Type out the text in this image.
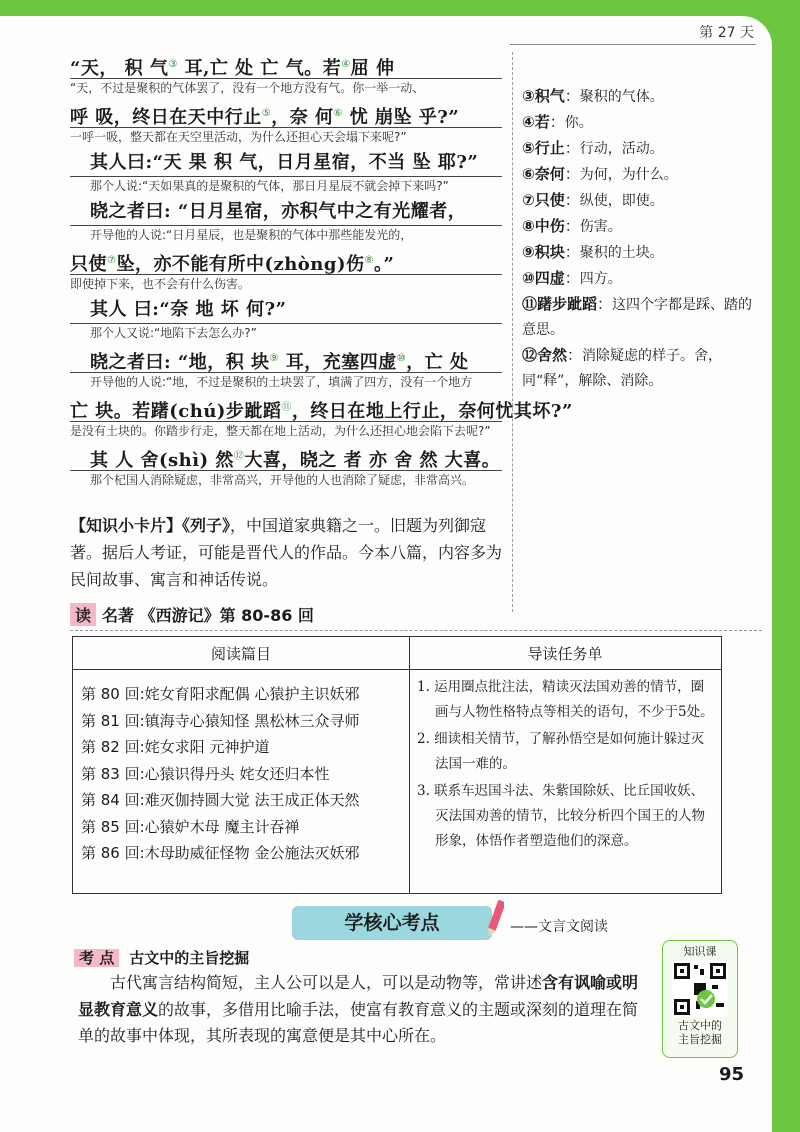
第 27 天
“天， 积 气③ 耳,亡 处 亡 气。若④屈 伸
“天，不过是聚积的气体罢了，没有一个地方没有气。你一举一动、
呼 吸，终日在天中行止⑤，奈 何⑥ 忧 崩坠 乎?”
一呼一吸，整天都在天空里活动，为什么还担心天会塌下来呢?”
其人曰:“天 果 积 气，日月星宿，不当 坠 耶?”
那个人说:“天如果真的是聚积的气体，那日月星辰不就会掉下来吗?”
晓之者曰: “日月星宿，亦积气中之有光耀者，
开导他的人说:“日月星辰，也是聚积的气体中那些能发光的，
只使⑦坠，亦不能有所中(zhòng)伤⑧。”
即使掉下来，也不会有什么伤害。
其人 曰:“奈 地 坏 何?”
那个人又说:“地陷下去怎么办?”
晓之者曰: “地，积 块⑨ 耳，充塞四虚⑩，亡 处
开导他的人说:“地，不过是聚积的土块罢了，填满了四方，没有一个地方
亡 块。若躇(chú)步跐蹈⑪，终日在地上行止，奈何忧其坏?”
是没有土块的。你踏步行走，整天都在地上活动，为什么还担心地会陷下去呢?”
其 人 舍(shì) 然⑫大喜，晓之 者 亦 舍 然 大喜。
那个杞国人消除疑虑，非常高兴，开导他的人也消除了疑虑，非常高兴。
③积气：聚积的气体。
④若：你。
⑤行止：行动，活动。
⑥奈何：为何，为什么。
⑦只使：纵使，即使。
⑧中伤：伤害。
⑨积块：聚积的土块。
⑩四虚：四方。
⑪躇步跐蹈：这四个字都是踩、踏的意思。
⑫舍然：消除疑虑的样子。舍，同“释”，解除、消除。
【知识小卡片】《列子》，中国道家典籍之一。旧题为列御寇著。据后人考证，可能是晋代人的作品。今本八篇，内容多为民间故事、寓言和神话传说。
读 名著 《西游记》第 80-86 回
阅读篇目	导读任务单
第 80 回:姹女育阳求配偶 心猿护主识妖邪
第 81 回:镇海寺心猿知怪 黑松林三众寻师
第 82 回:姹女求阳 元神护道
第 83 回:心猿识得丹头 姹女还归本性
第 84 回:难灭伽持圆大觉 法王成正体天然
第 85 回:心猿妒木母 魔主计吞禅
第 86 回:木母助威征怪物 金公施法灭妖邪
1. 运用圈点批注法，精读灭法国劝善的情节，圈画与人物性格特点等相关的语句，不少于5处。
2. 细读相关情节，了解孙悟空是如何施计躲过灭法国一难的。
3. 联系车迟国斗法、朱紫国除妖、比丘国收妖、灭法国劝善的情节，比较分析四个国王的人物形象，体悟作者塑造他们的深意。
学核心考点	——文言文阅读
考 点 古文中的主旨挖掘
古代寓言结构简短，主人公可以是人，可以是动物等，常讲述含有讽喻或明显教育意义的故事，多借用比喻手法，使富有教育意义的主题或深刻的道理在简单的故事中体现，其所表现的寓意便是其中心所在。
知识课
古文中的
主旨挖掘
95
